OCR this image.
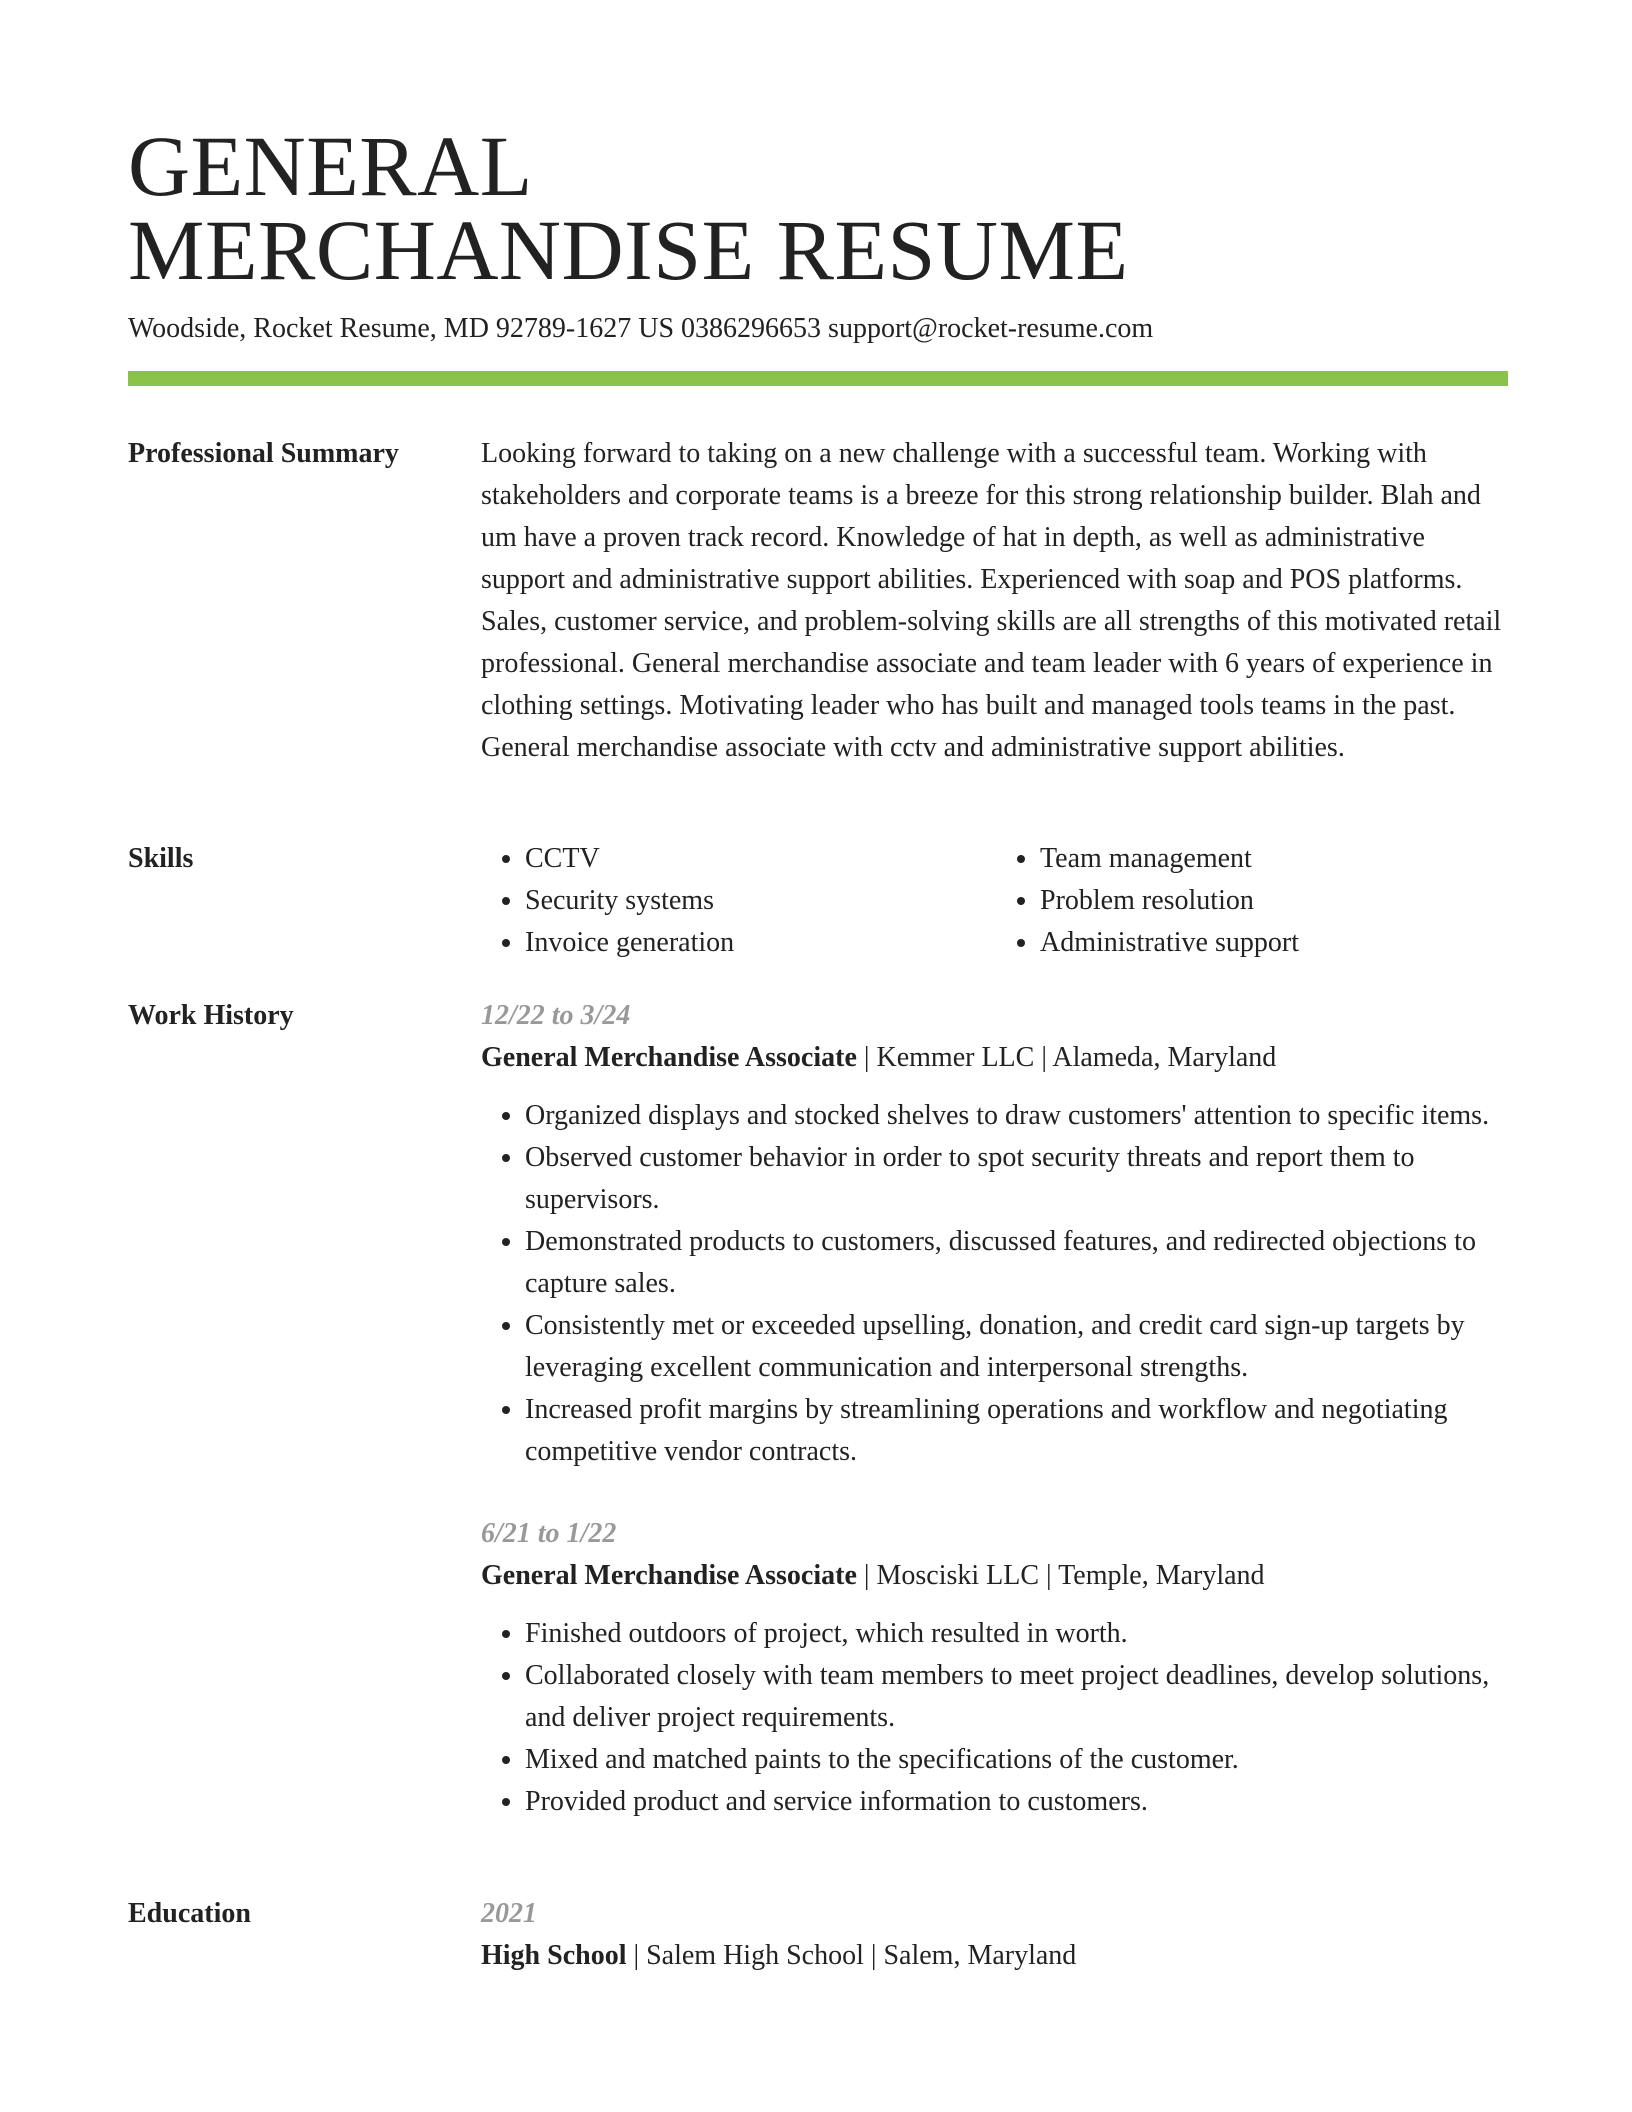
GENERAL
MERCHANDISE RESUME
Woodside, Rocket Resume, MD 92789-1627 US 0386296653 support@rocket-resume.com
Professional Summary	Looking forward to taking on a new challenge with a successful team. Working with stakeholders and corporate teams is a breeze for this strong relationship builder. Blah and um have a proven track record. Knowledge of hat in depth, as well as administrative support and administrative support abilities. Experienced with soap and POS platforms. Sales, customer service, and problem-solving skills are all strengths of this motivated retail professional. General merchandise associate and team leader with 6 years of experience in clothing settings. Motivating leader who has built and managed tools teams in the past. General merchandise associate with cctv and administrative support abilities.

Skills
•	CCTV
• Security systems
• Invoice generation
• Team management
• Problem resolution
• Administrative support
Work History	12/22 to 3/24
General Merchandise Associate | Kemmer LLC | Alameda, Maryland
• Organized displays and stocked shelves to draw customers' attention to specific items.
• Observed customer behavior in order to spot security threats and report them to supervisors.
• Demonstrated products to customers, discussed features, and redirected objections to capture sales.
• Consistently met or exceeded upselling, donation, and credit card sign-up targets by leveraging excellent communication and interpersonal strengths.
• Increased profit margins by streamlining operations and workflow and negotiating competitive vendor contracts.
6/21 to 1/22
General Merchandise Associate | Mosciski LLC | Temple, Maryland
• Finished outdoors of project, which resulted in worth.
• Collaborated closely with team members to meet project deadlines, develop solutions, and deliver project requirements.
• Mixed and matched paints to the specifications of the customer.
• Provided product and service information to customers.
Education	2021
High School | Salem High School | Salem, Maryland
